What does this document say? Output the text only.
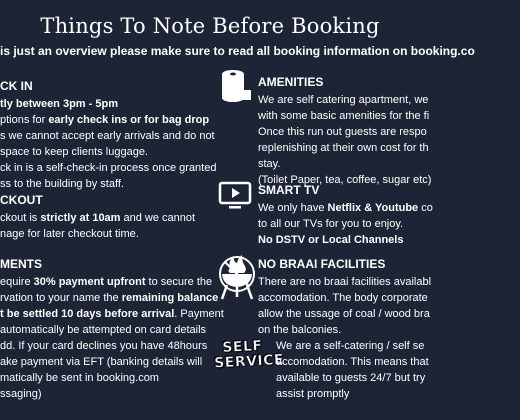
Things To Note Before Booking
is just an overview please make sure to read all booking information on booking.co
CK IN
tly between 3pm - 5pm
ptions for early check ins or for bag drop
s we cannot accept early arrivals and do not
space to keep clients luggage.
ck in is a self-check-in process once granted
ss to the building by staff.
CKOUT
ckout is strictly at 10am and we cannot
nage for later checkout time.
MENTS
equire 30% payment upfront to secure the
rvation to your name the remaining balance
t be settled 10 days before arrival. Payment
automatically be attempted on card details
dd. If your card declines you have 48hours
ake payment via EFT (banking details will
matically be sent in booking.com
ssaging)
SELF
SERVICE
AMENITIES
We are self catering apartment, we
with some basic amenities for the fi
Once this run out guests are respo
replenishing at their own cost for th
stay.
(Toilet Paper, tea, coffee, sugar etc)
SMART TV
We only have Netflix & Youtube co
to all our TVs for you to enjoy.
No DSTV or Local Channels
NO BRAAI FACILITIES
There are no braai facilities availabl
accomodation. The body corporate
allow the ussage of coal / wood bra
on the balconies.
We are a self-catering / self se
accomodation. This means that
available to guests 24/7 but try
assist promptly
